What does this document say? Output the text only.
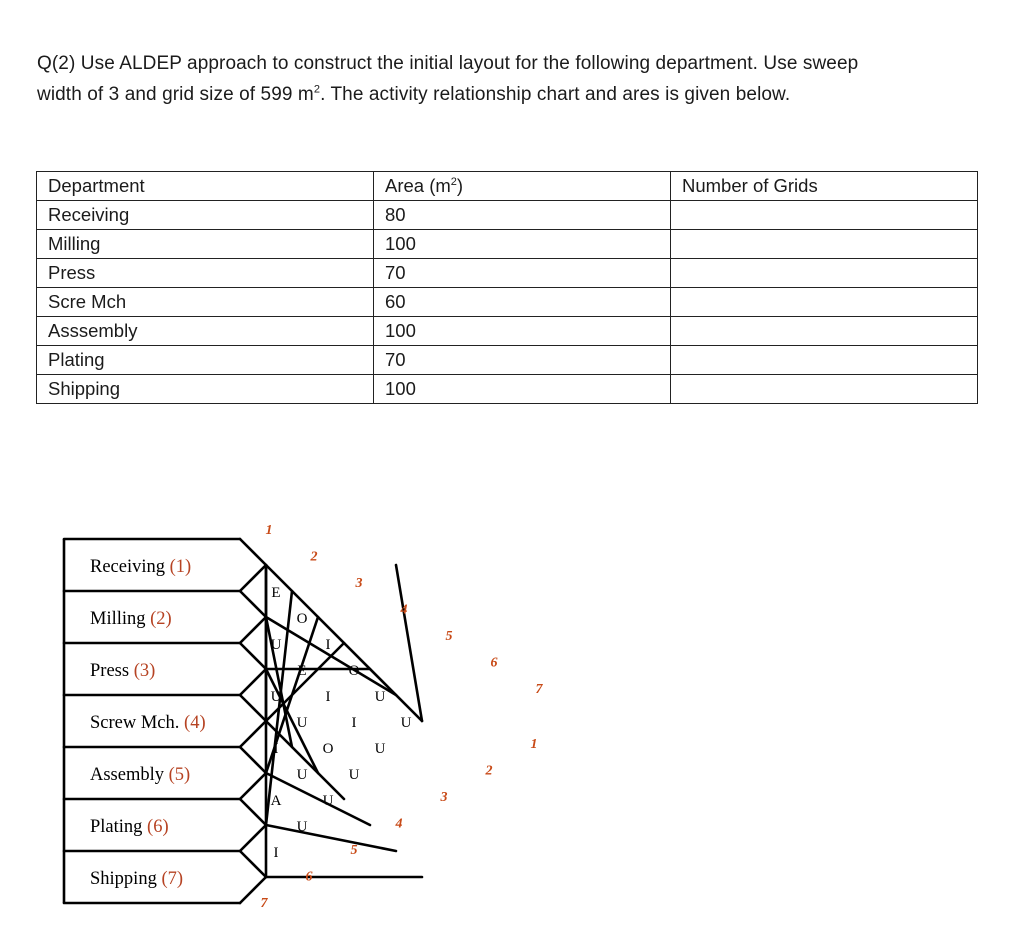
Q(2) Use ALDEP approach to construct the initial layout for the following department. Use sweep

width of 3 and grid size of 599 $m^2$. The activity relationship chart and ares is given below.

Department	Area $(m^2)$	Number of Grids
Receiving	80	
Milling	100	
Press	70	
Scre Mch	60	
Asssembly	100	
Plating	70	
Shipping	100	
Receiving (1)
Milling (2)
Press (3)
Screw Mch. (4)
Assembly (5)
Plating (6)
Shipping (7)
E
O
I
O
U
U
U
E
I
I
U
U
U
O
U
I
U
U
A
U
I
1
2
3
4
5
6
7
1
2
3
4
5
6
7
